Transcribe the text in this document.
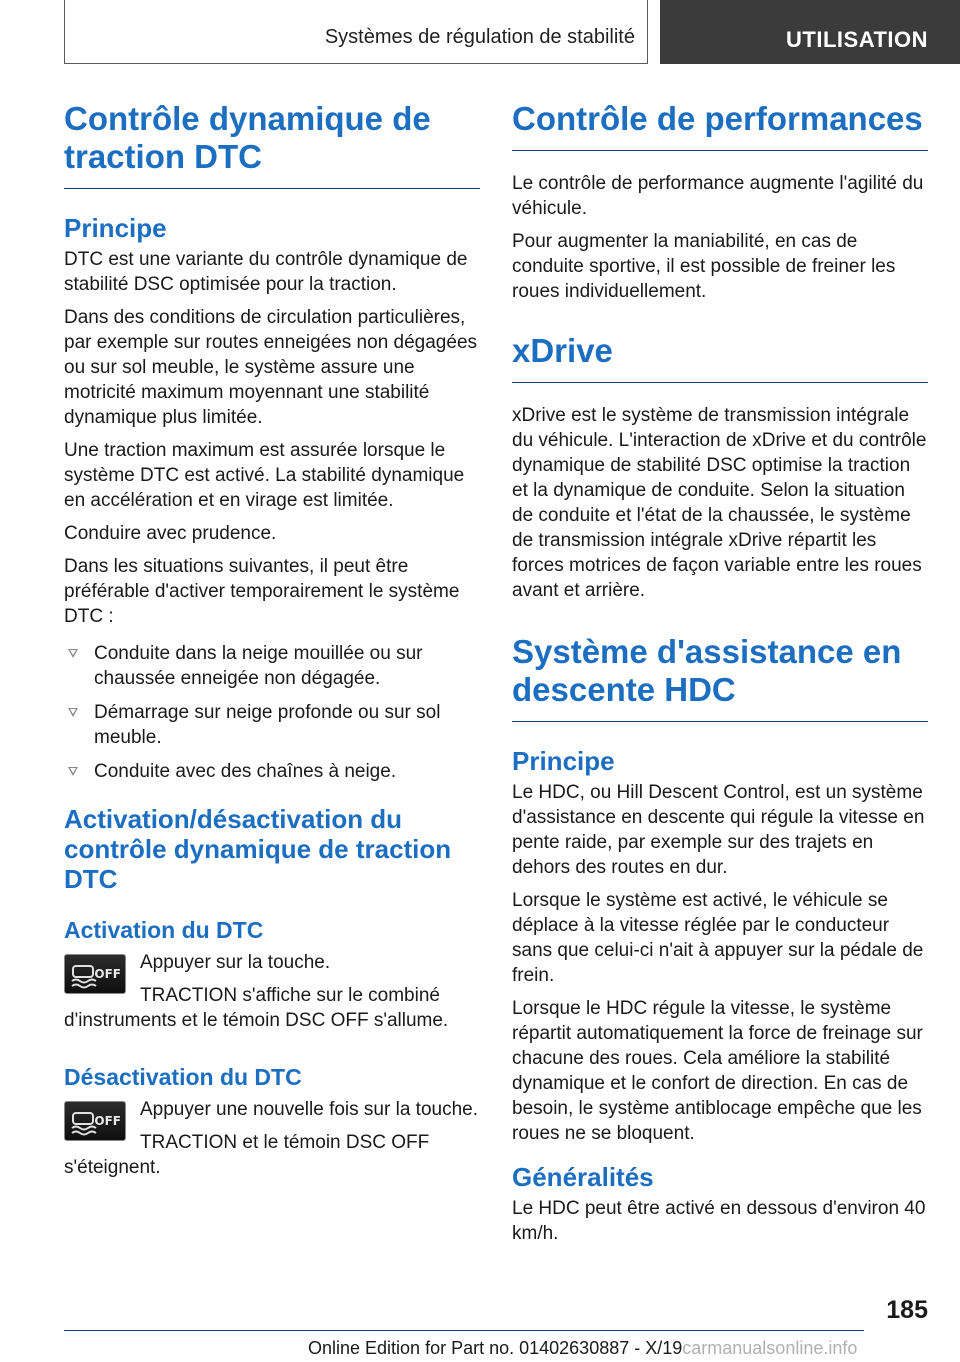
Systèmes de régulation de stabilité	UTILISATION
Contrôle dynamique de traction DTC
Principe

DTC est une variante du contrôle dynamique de stabilité DSC optimisée pour la traction.

Dans des conditions de circulation particulières, par exemple sur routes enneigées non dégagées ou sur sol meuble, le système assure une motricité maximum moyennant une stabilité dynamique plus limitée.

Une traction maximum est assurée lorsque le système DTC est activé. La stabilité dynamique en accélération et en virage est limitée.

Conduire avec prudence.

Dans les situations suivantes, il peut être préférable d'activer temporairement le système DTC :

Conduite dans la neige mouillée ou sur chaussée enneigée non dégagée.
Démarrage sur neige profonde ou sur sol meuble.
Conduite avec des chaînes à neige.
Activation/désactivation du contrôle dynamique de traction DTC
Activation du DTC
OFF

Appuyer sur la touche.

TRACTION s'affiche sur le combiné d'instruments et le témoin DSC OFF s'allume.

Désactivation du DTC
OFF

Appuyer une nouvelle fois sur la touche.

TRACTION et le témoin DSC OFF s'éteignent.

Contrôle de performances

Le contrôle de performance augmente l'agilité du véhicule.

Pour augmenter la maniabilité, en cas de conduite sportive, il est possible de freiner les roues individuellement.

xDrive

xDrive est le système de transmission intégrale du véhicule. L'interaction de xDrive et du contrôle dynamique de stabilité DSC optimise la traction et la dynamique de conduite. Selon la situation de conduite et l'état de la chaussée, le système de transmission intégrale xDrive répartit les forces motrices de façon variable entre les roues avant et arrière.

Système d'assistance en descente HDC
Principe

Le HDC, ou Hill Descent Control, est un système d'assistance en descente qui régule la vitesse en pente raide, par exemple sur des trajets en dehors des routes en dur.

Lorsque le système est activé, le véhicule se déplace à la vitesse réglée par le conducteur sans que celui-ci n'ait à appuyer sur la pédale de frein.

Lorsque le HDC régule la vitesse, le système répartit automatiquement la force de freinage sur chacune des roues. Cela améliore la stabilité dynamique et le confort de direction. En cas de besoin, le système antiblocage empêche que les roues ne se bloquent.

Généralités

Le HDC peut être activé en dessous d'environ 40 km/h.

185
Online Edition for Part no. 01402630887 - X/19carmanualsonline.info
